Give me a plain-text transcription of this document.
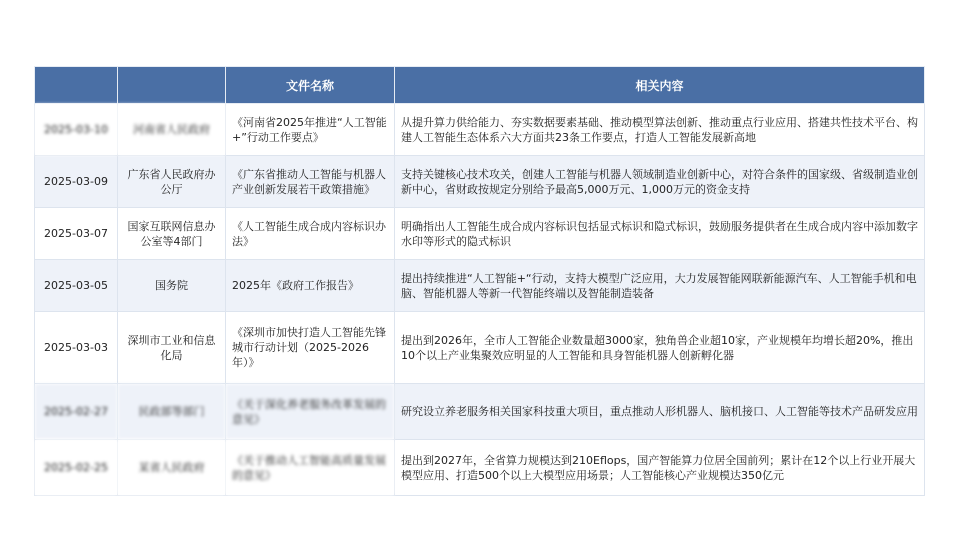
		文件名称	相关内容
2025-03-10	河南省人民政府	《河南省2025年推进“人工智能+”行动工作要点》	从提升算力供给能力、夯实数据要素基础、推动模型算法创新、推动重点行业应用、搭建共性技术平台、构建人工智能生态体系六大方面共23条工作要点，打造人工智能发展新高地
2025-03-09	广东省人民政府办公厅	《广东省推动人工智能与机器人产业创新发展若干政策措施》	支持关键核心技术攻关，创建人工智能与机器人领域制造业创新中心，对符合条件的国家级、省级制造业创新中心，省财政按规定分别给予最高5,000万元、1,000万元的资金支持
2025-03-07	国家互联网信息办公室等4部门	《人工智能生成合成内容标识办法》	明确指出人工智能生成合成内容标识包括显式标识和隐式标识，鼓励服务提供者在生成合成内容中添加数字水印等形式的隐式标识
2025-03-05	国务院	2025年《政府工作报告》	提出持续推进“人工智能+“行动，支持大模型广泛应用，大力发展智能网联新能源汽车、人工智能手机和电脑、智能机器人等新一代智能终端以及智能制造装备
2025-03-03	深圳市工业和信息化局	《深圳市加快打造人工智能先锋城市行动计划（2025-2026年）》	提出到2026年，全市人工智能企业数量超3000家，独角兽企业超10家，产业规模年均增长超20%，推出10个以上产业集聚效应明显的人工智能和具身智能机器人创新孵化器
2025-02-27	民政部等部门	《关于深化养老服务改革发展的意见》	研究设立养老服务相关国家科技重大项目，重点推动人形机器人、脑机接口、人工智能等技术产品研发应用
2025-02-25	某省人民政府	《关于推动人工智能高质量发展的意见》	提出到2027年，全省算力规模达到210Eflops，国产智能算力位居全国前列；累计在12个以上行业开展大模型应用、打造500个以上大模型应用场景；人工智能核心产业规模达350亿元
